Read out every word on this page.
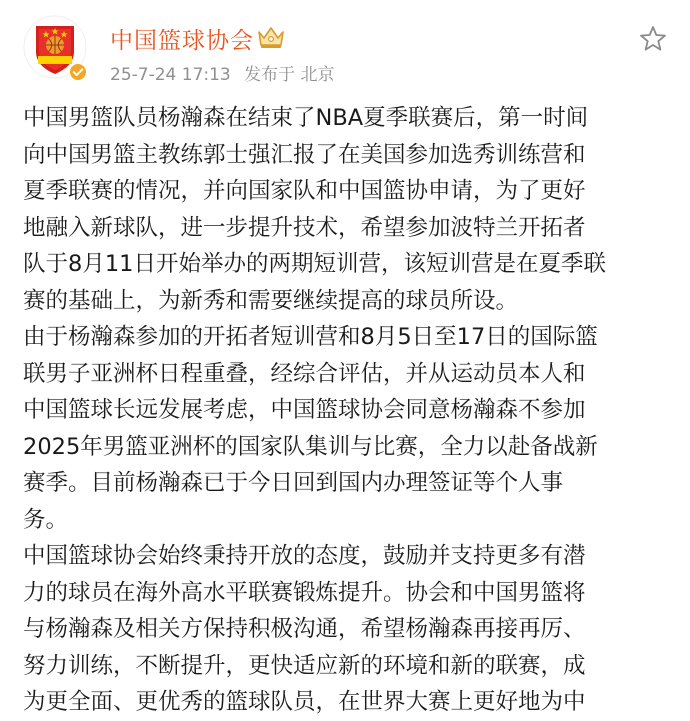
中国篮球协会
25-7-24 17:13 发布于 北京
中国男篮队员杨瀚森在结束了NBA夏季联赛后，第一时间
向中国男篮主教练郭士强汇报了在美国参加选秀训练营和
夏季联赛的情况，并向国家队和中国篮协申请，为了更好
地融入新球队，进一步提升技术，希望参加波特兰开拓者
队于8月11日开始举办的两期短训营，该短训营是在夏季联
赛的基础上，为新秀和需要继续提高的球员所设。
由于杨瀚森参加的开拓者短训营和8月5日至17日的国际篮
联男子亚洲杯日程重叠，经综合评估，并从运动员本人和
中国篮球长远发展考虑，中国篮球协会同意杨瀚森不参加
2025年男篮亚洲杯的国家队集训与比赛，全力以赴备战新
赛季。目前杨瀚森已于今日回到国内办理签证等个人事
务。
中国篮球协会始终秉持开放的态度，鼓励并支持更多有潜
力的球员在海外高水平联赛锻炼提升。协会和中国男篮将
与杨瀚森及相关方保持积极沟通，希望杨瀚森再接再厉、
努力训练，不断提升，更快适应新的环境和新的联赛，成
为更全面、更优秀的篮球队员，在世界大赛上更好地为中
